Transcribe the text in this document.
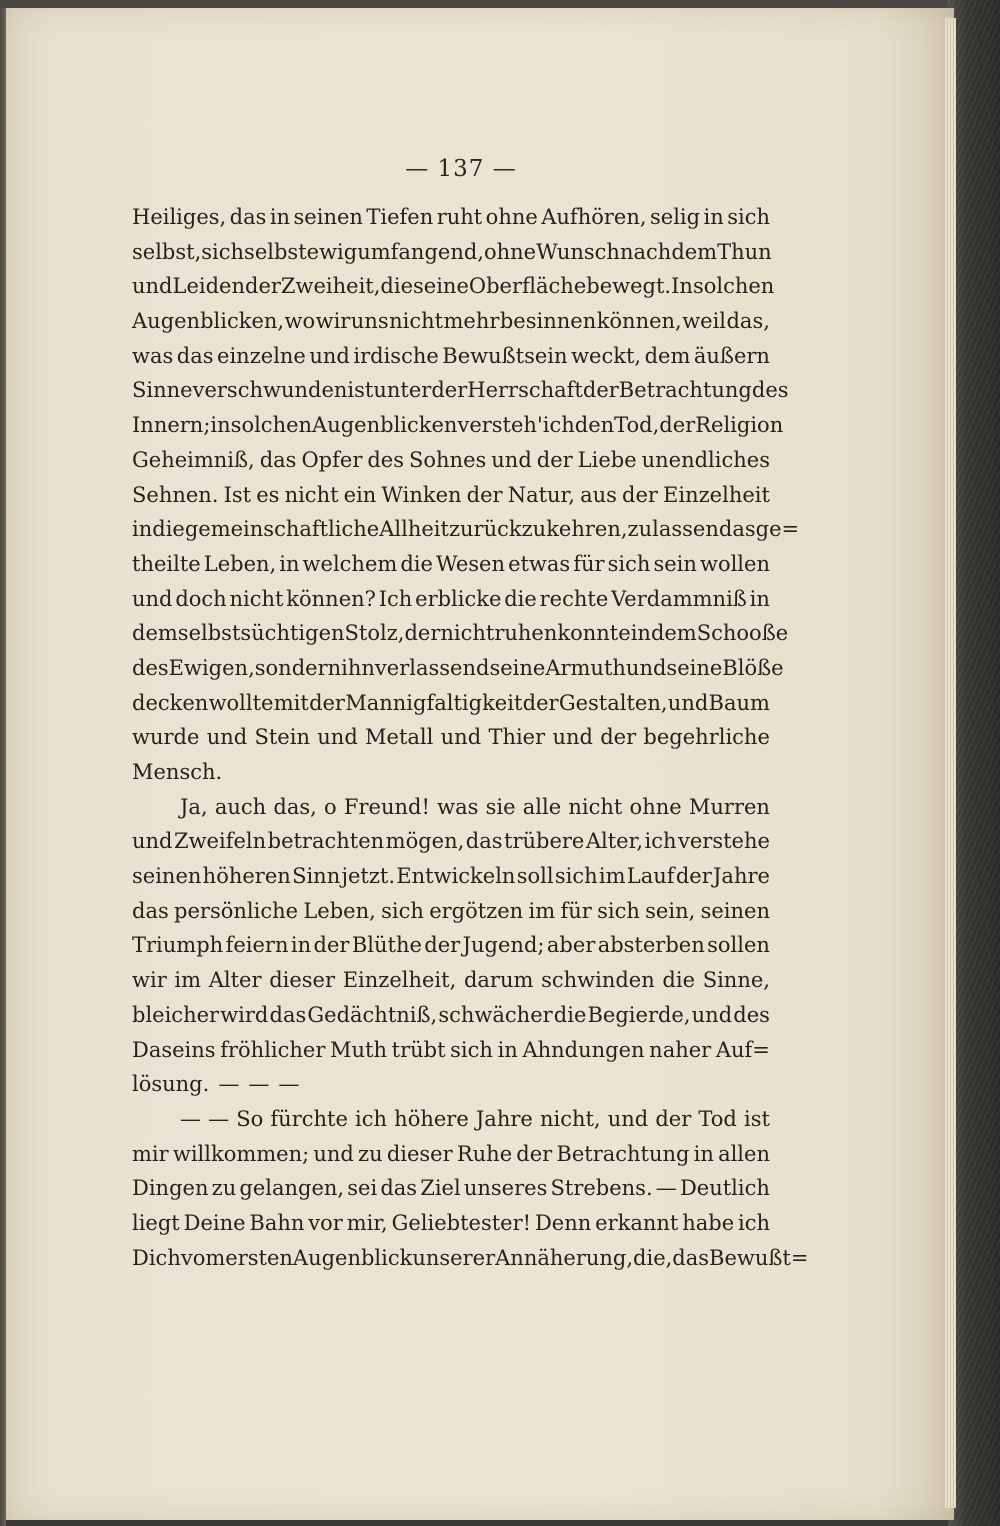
— 137 —
Heiliges, das in seinen Tiefen ruht ohne Aufhören, selig in sich
selbst, sich selbst ewig umfangend, ohne Wunsch nach dem Thun
und Leiden der Zweiheit, die seine Oberfläche bewegt. In solchen
Augenblicken, wo wir uns nicht mehr besinnen können, weil das,
was das einzelne und irdische Bewußtsein weckt, dem äußern
Sinne verschwunden ist unter der Herrschaft der Betrachtung des
Innern; in solchen Augenblicken versteh' ich den Tod, der Religion
Geheimniß, das Opfer des Sohnes und der Liebe unendliches
Sehnen. Ist es nicht ein Winken der Natur, aus der Einzelheit
in die gemeinschaftliche Allheit zurückzukehren, zu lassen das ge=
theilte Leben, in welchem die Wesen etwas für sich sein wollen
und doch nicht können? Ich erblicke die rechte Verdammniß in
dem selbstsüchtigen Stolz, der nicht ruhen konnte in dem Schooße
des Ewigen, sondern ihn verlassend seine Armuth und seine Blöße
decken wollte mit der Mannigfaltigkeit der Gestalten, und Baum
wurde und Stein und Metall und Thier und der begehrliche
Mensch.
Ja, auch das, o Freund! was sie alle nicht ohne Murren
und Zweifeln betrachten mögen, das trübere Alter, ich verstehe
seinen höheren Sinn jetzt. Entwickeln soll sich im Lauf der Jahre
das persönliche Leben, sich ergötzen im für sich sein, seinen
Triumph feiern in der Blüthe der Jugend; aber absterben sollen
wir im Alter dieser Einzelheit, darum schwinden die Sinne,
bleicher wird das Gedächtniß, schwächer die Begierde, und des
Daseins fröhlicher Muth trübt sich in Ahndungen naher Auf=
lösung. — — —
— — So fürchte ich höhere Jahre nicht, und der Tod ist
mir willkommen; und zu dieser Ruhe der Betrachtung in allen
Dingen zu gelangen, sei das Ziel unseres Strebens. — Deutlich
liegt Deine Bahn vor mir, Geliebtester! Denn erkannt habe ich
Dich vom ersten Augenblick unserer Annäherung, die, das Bewußt=
